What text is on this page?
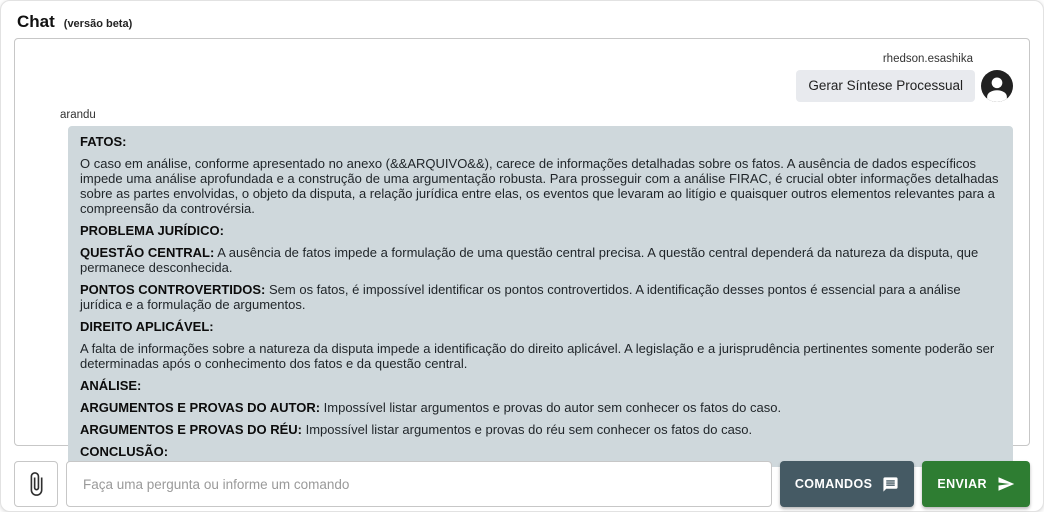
Chat (versão beta)
rhedson.esashika
Gerar Síntese Processual
arandu

FATOS:

O caso em análise, conforme apresentado no anexo (&&ARQUIVO&&), carece de informações detalhadas sobre os fatos. A ausência de dados específicos impede uma análise aprofundada e a construção de uma argumentação robusta. Para prosseguir com a análise FIRAC, é crucial obter informações detalhadas sobre as partes envolvidas, o objeto da disputa, a relação jurídica entre elas, os eventos que levaram ao litígio e quaisquer outros elementos relevantes para a compreensão da controvérsia.

PROBLEMA JURÍDICO:

QUESTÃO CENTRAL: A ausência de fatos impede a formulação de uma questão central precisa. A questão central dependerá da natureza da disputa, que permanece desconhecida.

PONTOS CONTROVERTIDOS: Sem os fatos, é impossível identificar os pontos controvertidos. A identificação desses pontos é essencial para a análise jurídica e a formulação de argumentos.

DIREITO APLICÁVEL:

A falta de informações sobre a natureza da disputa impede a identificação do direito aplicável. A legislação e a jurisprudência pertinentes somente poderão ser determinadas após o conhecimento dos fatos e da questão central.

ANÁLISE:

ARGUMENTOS E PROVAS DO AUTOR: Impossível listar argumentos e provas do autor sem conhecer os fatos do caso.

ARGUMENTOS E PROVAS DO RÉU: Impossível listar argumentos e provas do réu sem conhecer os fatos do caso.

CONCLUSÃO:

Faça uma pergunta ou informe um comando
COMANDOS	ENVIAR
